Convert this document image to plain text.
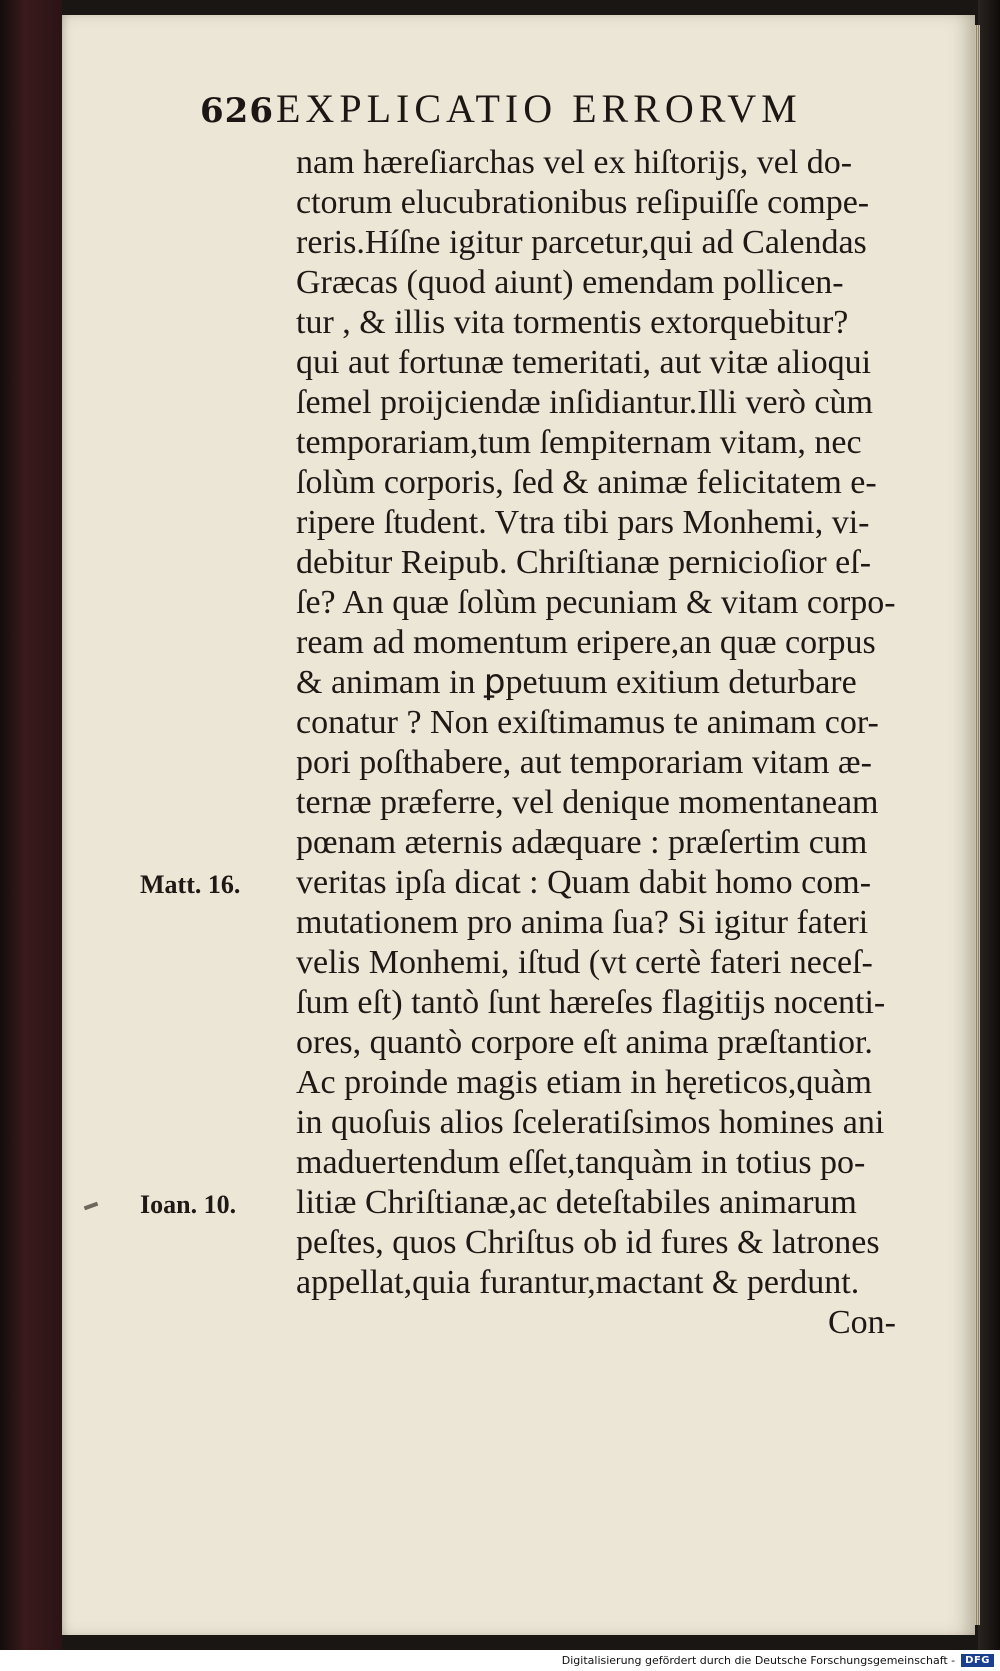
626 EXPLICATIO ERRORVM
nam hæreſiarchas vel ex hiſtorijs, vel do-
ctorum elucubrationibus reſipuiſſe compe-
reris.Híſne igitur parcetur,qui ad Calendas
Græcas (quod aiunt) emendam pollicen-
tur , & illis vita tormentis extorquebitur?
qui aut fortunæ temeritati, aut vitæ alioqui
ſemel proijciendæ inſidiantur.Illi verò cùm
temporariam,tum ſempiternam vitam, nec
ſolùm corporis, ſed & animæ felicitatem e-
ripere ſtudent. Vtra tibi pars Monhemi, vi-
debitur Reipub. Chriſtianæ pernicioſior eſ-
ſe? An quæ ſolùm pecuniam & vitam corpo-
ream ad momentum eripere,an quæ corpus
& animam in ꝑpetuum exitium deturbare
conatur ? Non exiſtimamus te animam cor-
pori poſthabere, aut temporariam vitam æ-
ternæ præferre, vel denique momentaneam
pœnam æternis adæquare : præſertim cum
veritas ipſa dicat : Quam dabit homo com-
mutationem pro anima ſua? Si igitur fateri
velis Monhemi, iſtud (vt certè fateri neceſ-
ſum eſt) tantò ſunt hæreſes flagitijs nocenti-
ores, quantò corpore eſt anima præſtantior.
Ac proinde magis etiam in hęreticos,quàm
in quoſuis alios ſceleratiſsimos homines ani
maduertendum eſſet,tanquàm in totius po-
litiæ Chriſtianæ,ac deteſtabiles animarum
peſtes, quos Chriſtus ob id fures & latrones
appellat,quia furantur,mactant & perdunt.
Con-
Matt. 16.
Ioan. 10.
Digitalisierung gefördert durch die Deutsche Forschungsgemeinschaft -	DFG
